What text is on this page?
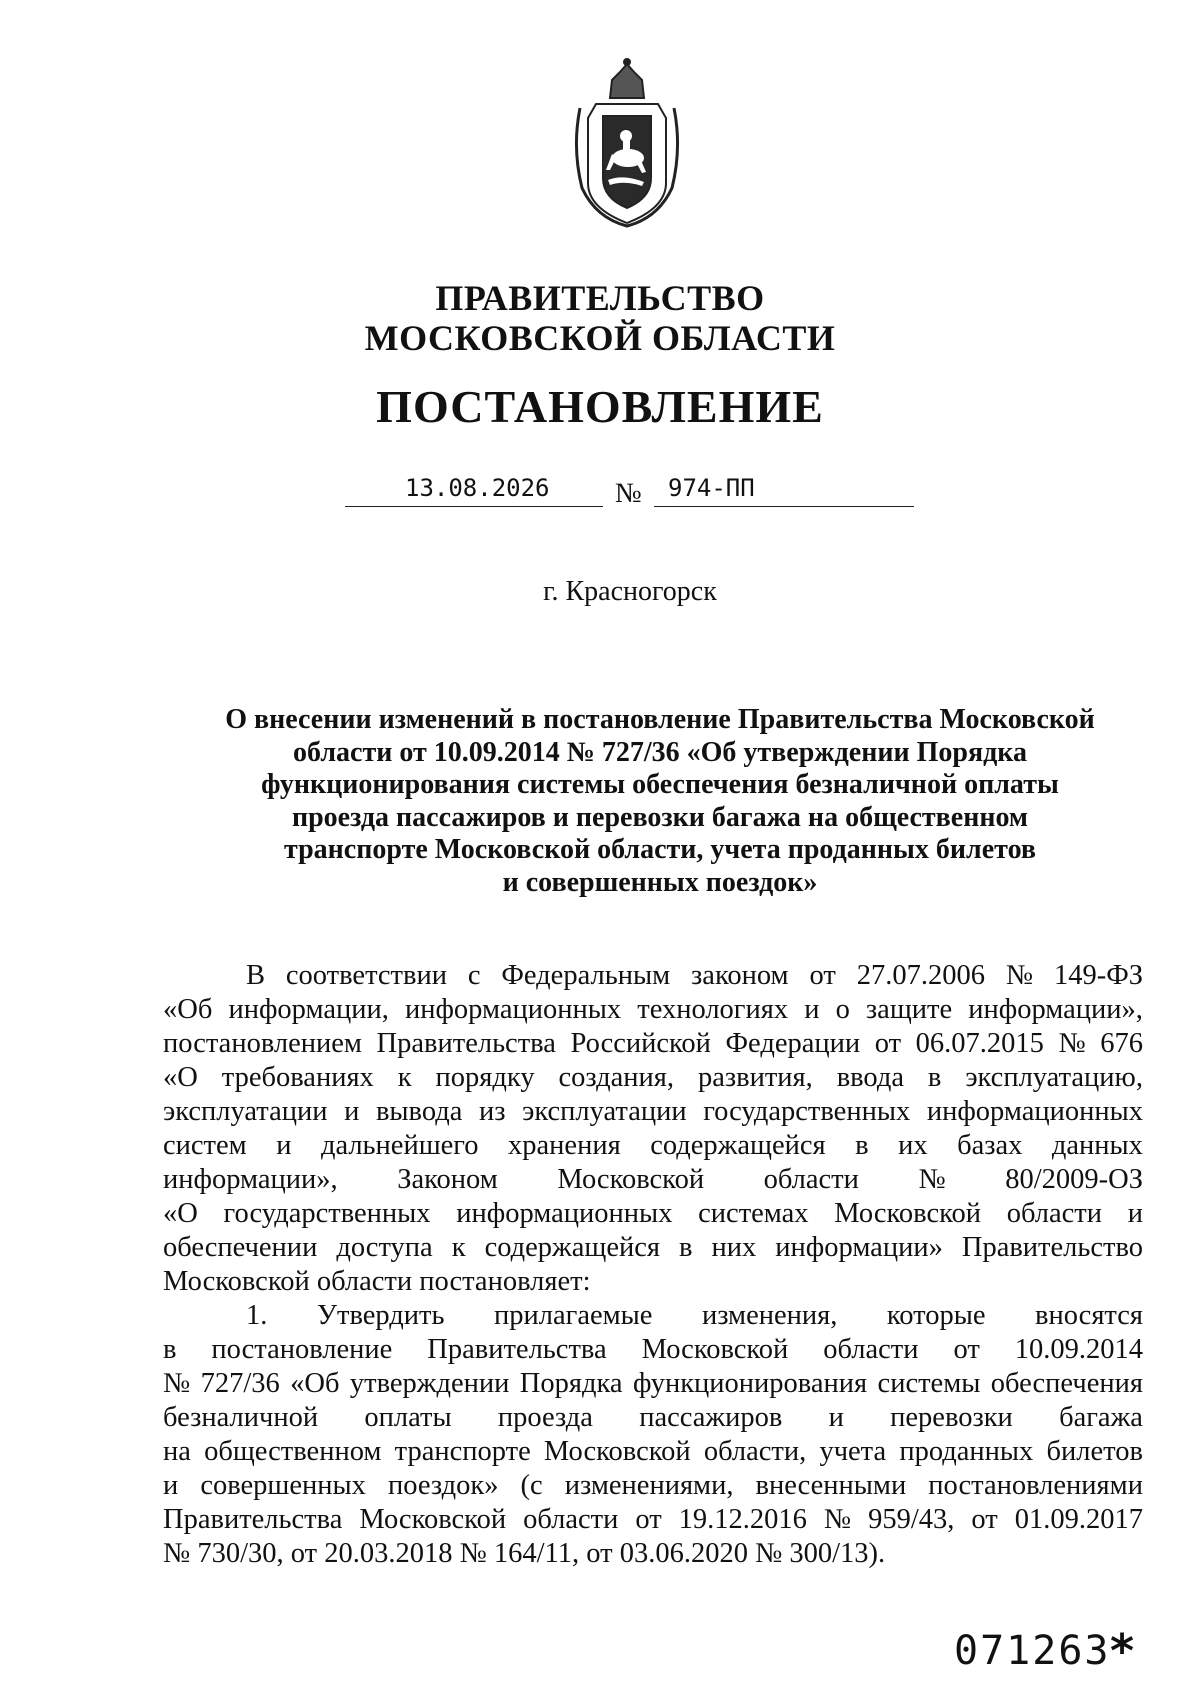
ПРАВИТЕЛЬСТВО
МОСКОВСКОЙ ОБЛАСТИ
ПОСТАНОВЛЕНИЕ
13.08.2026 № 974-ПП
г. Красногорск
О внесении изменений в постановление Правительства Московской
области от 10.09.2014 № 727/36 «Об утверждении Порядка
функционирования системы обеспечения безналичной оплаты
проезда пассажиров и перевозки багажа на общественном
транспорте Московской области, учета проданных билетов
и совершенных поездок»
В соответствии с Федеральным законом от 27.07.2006 № 149-ФЗ
«Об информации, информационных технологиях и о защите информации»,
постановлением Правительства Российской Федерации от 06.07.2015 № 676
«О требованиях к порядку создания, развития, ввода в эксплуатацию,
эксплуатации и вывода из эксплуатации государственных информационных
систем и дальнейшего хранения содержащейся в их базах данных
информации», Законом Московской области № 80/2009-ОЗ
«О государственных информационных системах Московской области и
обеспечении доступа к содержащейся в них информации» Правительство
Московской области постановляет:
1. Утвердить прилагаемые изменения, которые вносятся
в постановление Правительства Московской области от 10.09.2014
№ 727/36 «Об утверждении Порядка функционирования системы обеспечения
безналичной оплаты проезда пассажиров и перевозки багажа
на общественном транспорте Московской области, учета проданных билетов
и совершенных поездок» (с изменениями, внесенными постановлениями
Правительства Московской области от 19.12.2016 № 959/43, от 01.09.2017
№ 730/30, от 20.03.2018 № 164/11, от 03.06.2020 № 300/13).
071263 *
